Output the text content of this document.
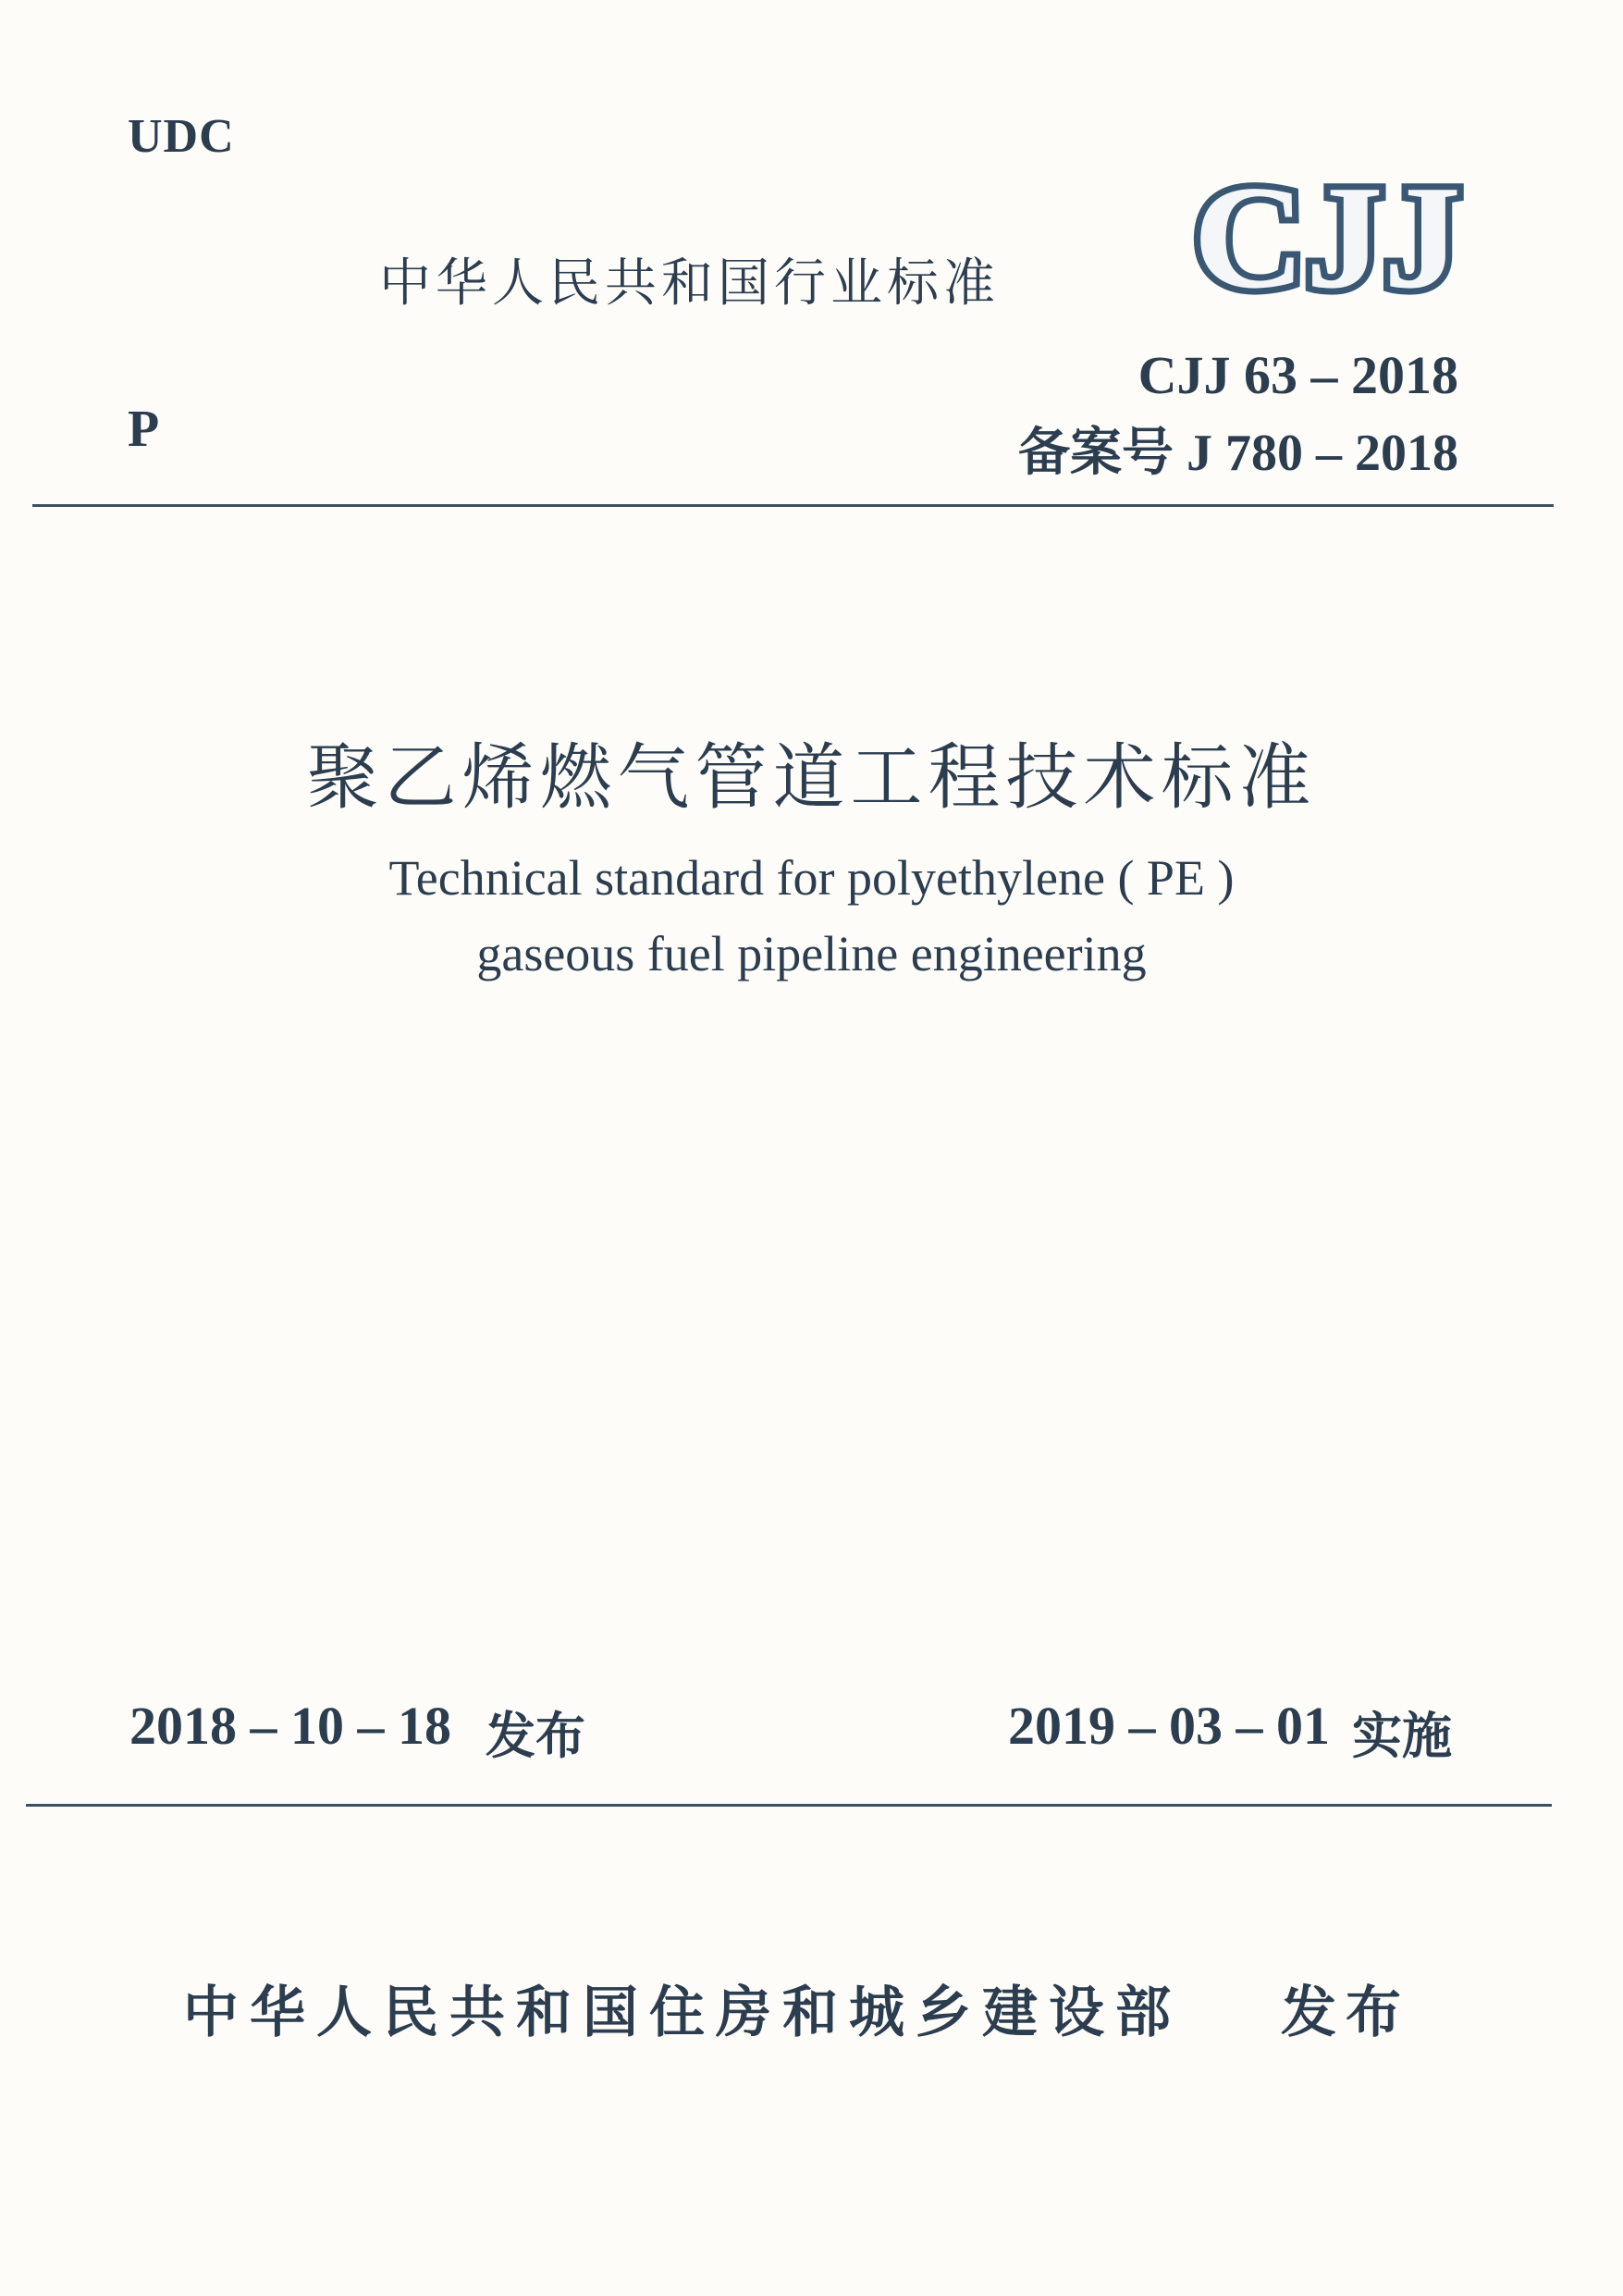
UDC
中华人民共和国行业标准 CJJ
CJJ 63 – 2018
P	备案号 J 780 – 2018
聚乙烯燃气管道工程技术标准
Technical standard for polyethylene ( PE )
gaseous fuel pipeline engineering
2018 – 10 – 18 发布	2019 – 03 – 01 实施
中华人民共和国住房和城乡建设部 发布
